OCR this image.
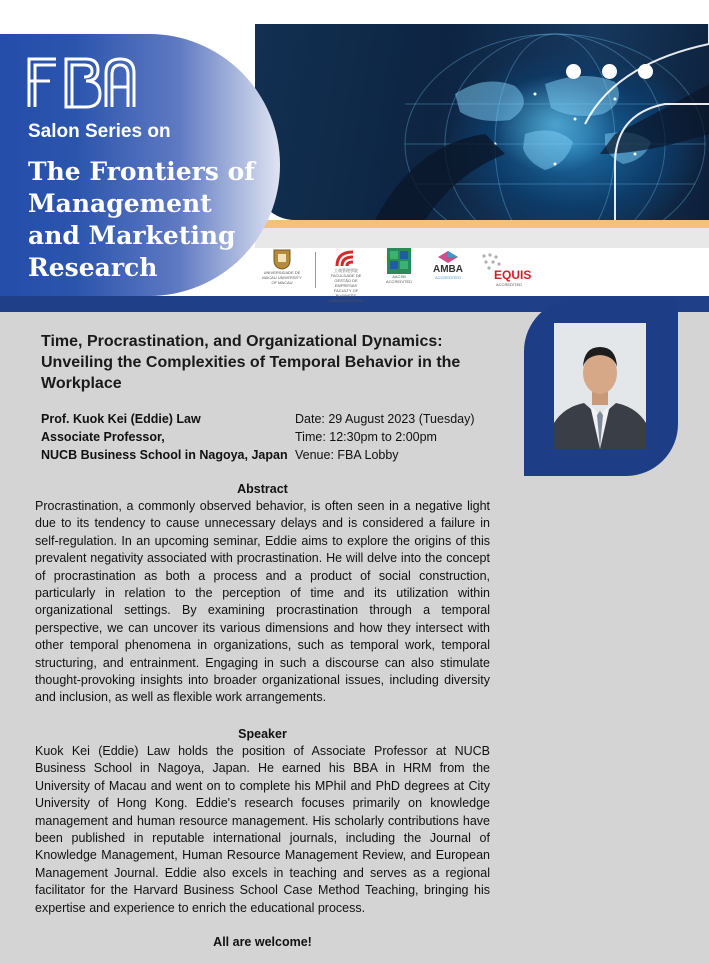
FBA
Salon Series on
The Frontiers of Management and Marketing Research	UNIVERSIDADE DE MACAU UNIVERSITY OF MACAU
工商管理學院 FACULDADE DE GESTÃO DE EMPRESAS FACULTY OF BUSINESS ADMINISTRATION
AACSB ACCREDITED
AMBA
ACCREDITED	EQUIS
ACCREDITED
Time, Procrastination, and Organizational Dynamics: Unveiling the Complexities of Temporal Behavior in the Workplace
Prof. Kuok Kei (Eddie) Law
Associate Professor,
NUCB Business School in Nagoya, Japan
Date: 29 August 2023 (Tuesday)
Time: 12:30pm to 2:00pm
Venue: FBA Lobby
Abstract
Procrastination, a commonly observed behavior, is often seen in a negative light due to its tendency to cause unnecessary delays and is considered a failure in self-regulation. In an upcoming seminar, Eddie aims to explore the origins of this prevalent negativity associated with procrastination. He will delve into the concept of procrastination as both a process and a product of social construction, particularly in relation to the perception of time and its utilization within organizational settings. By examining procrastination through a temporal perspective, we can uncover its various dimensions and how they intersect with other temporal phenomena in organizations, such as temporal work, temporal structuring, and entrainment. Engaging in such a discourse can also stimulate thought-provoking insights into broader organizational issues, including diversity and inclusion, as well as flexible work arrangements.
Speaker
Kuok Kei (Eddie) Law holds the position of Associate Professor at NUCB Business School in Nagoya, Japan. He earned his BBA in HRM from the University of Macau and went on to complete his MPhil and PhD degrees at City University of Hong Kong. Eddie's research focuses primarily on knowledge management and human resource management. His scholarly contributions have been published in reputable international journals, including the Journal of Knowledge Management, Human Resource Management Review, and European Management Journal. Eddie also excels in teaching and serves as a regional facilitator for the Harvard Business School Case Method Teaching, bringing his expertise and experience to enrich the educational process.
All are welcome!
